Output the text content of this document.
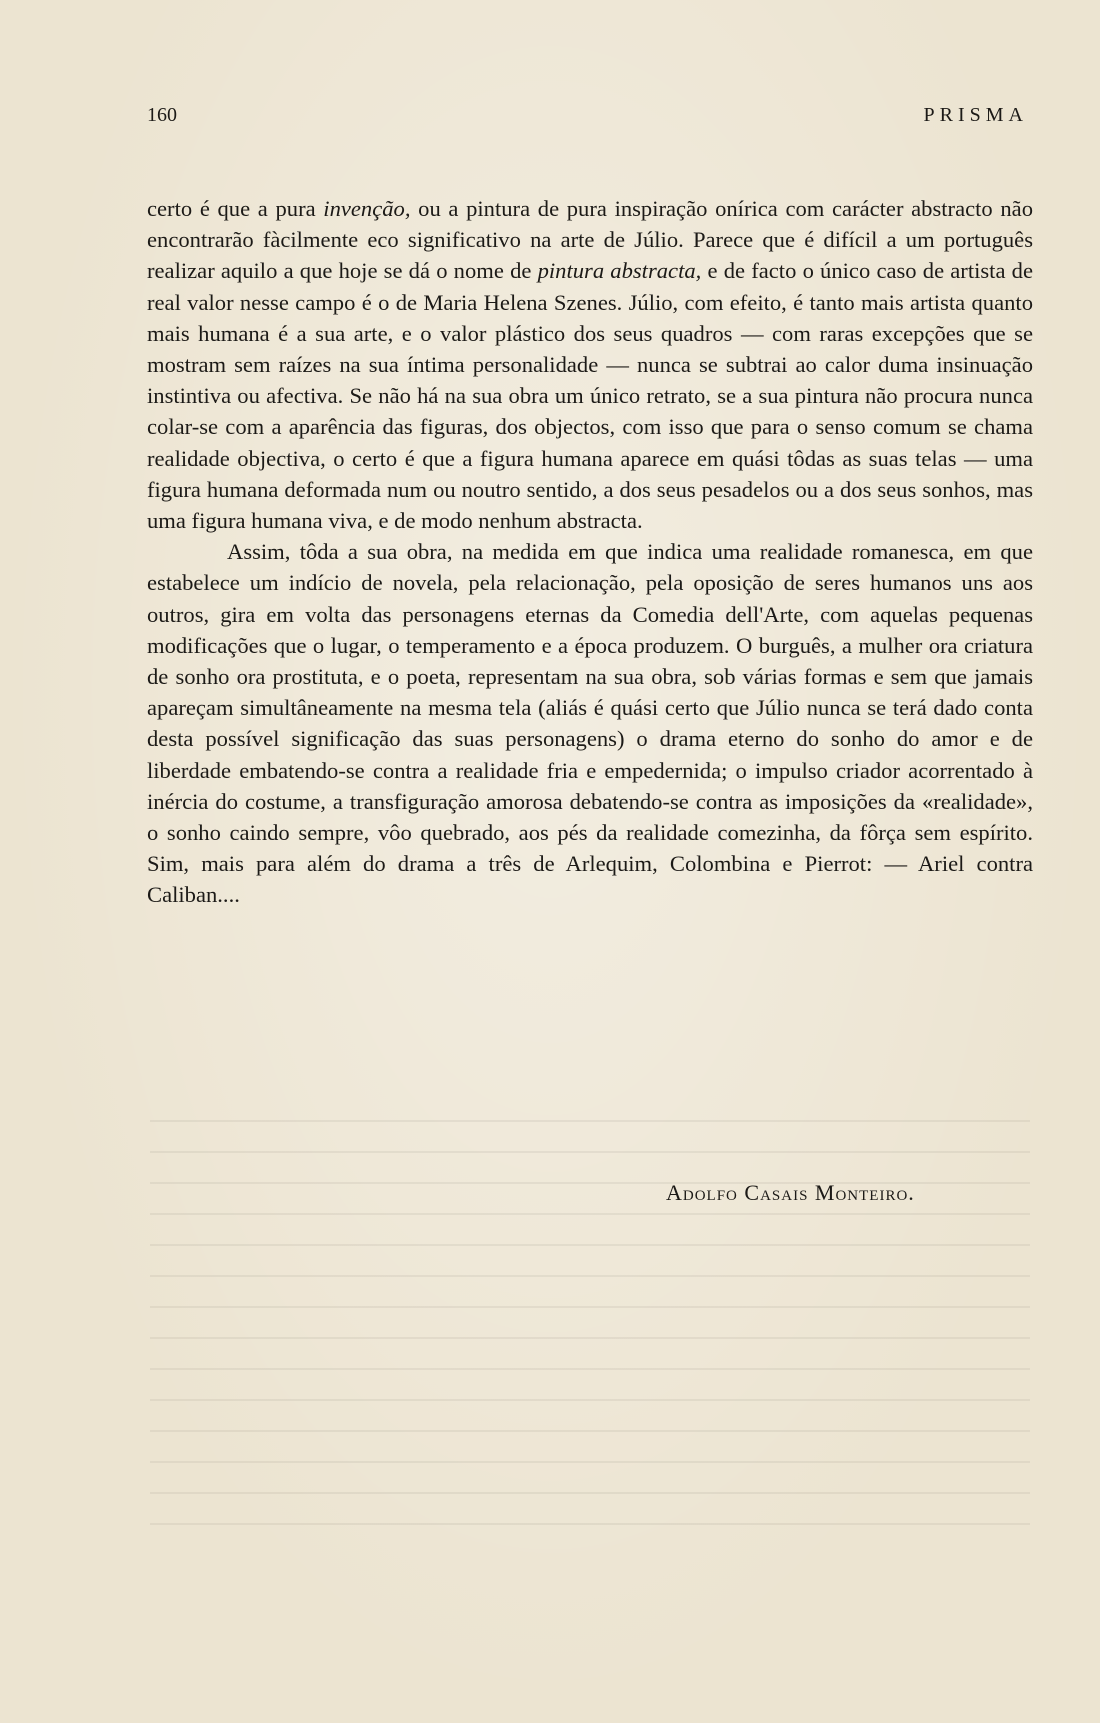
160	PRISMA

certo é que a pura invenção, ou a pintura de pura inspiração onírica com carácter abstracto não encontrarão fàcilmente eco significativo na arte de Júlio. Parece que é difícil a um português realizar aquilo a que hoje se dá o nome de pintura abstracta, e de facto o único caso de artista de real valor nesse campo é o de Maria Helena Szenes. Júlio, com efeito, é tanto mais artista quanto mais humana é a sua arte, e o valor plástico dos seus quadros — com raras excepções que se mostram sem raízes na sua íntima personalidade — nunca se subtrai ao calor duma insinuação instintiva ou afectiva. Se não há na sua obra um único retrato, se a sua pintura não procura nunca colar-se com a aparência das figuras, dos objectos, com isso que para o senso comum se chama realidade objectiva, o certo é que a figura humana aparece em quási tôdas as suas telas — uma figura humana deformada num ou noutro sentido, a dos seus pesadelos ou a dos seus sonhos, mas uma figura humana viva, e de modo nenhum abstracta.

Assim, tôda a sua obra, na medida em que indica uma realidade romanesca, em que estabelece um indício de novela, pela relacionação, pela oposição de seres humanos uns aos outros, gira em volta das personagens eternas da Comedia dell'Arte, com aquelas pequenas modificações que o lugar, o temperamento e a época produzem. O burguês, a mulher ora criatura de sonho ora prostituta, e o poeta, representam na sua obra, sob várias formas e sem que jamais apareçam simultâneamente na mesma tela (aliás é quási certo que Júlio nunca se terá dado conta desta possível significação das suas personagens) o drama eterno do sonho do amor e de liberdade embatendo-se contra a realidade fria e empedernida; o impulso criador acorrentado à inércia do costume, a transfiguração amorosa debatendo-se contra as imposições da «realidade», o sonho caindo sempre, vôo quebrado, aos pés da realidade comezinha, da fôrça sem espírito. Sim, mais para além do drama a três de Arlequim, Colombina e Pierrot: — Ariel contra Caliban....

Adolfo Casais Monteiro.
